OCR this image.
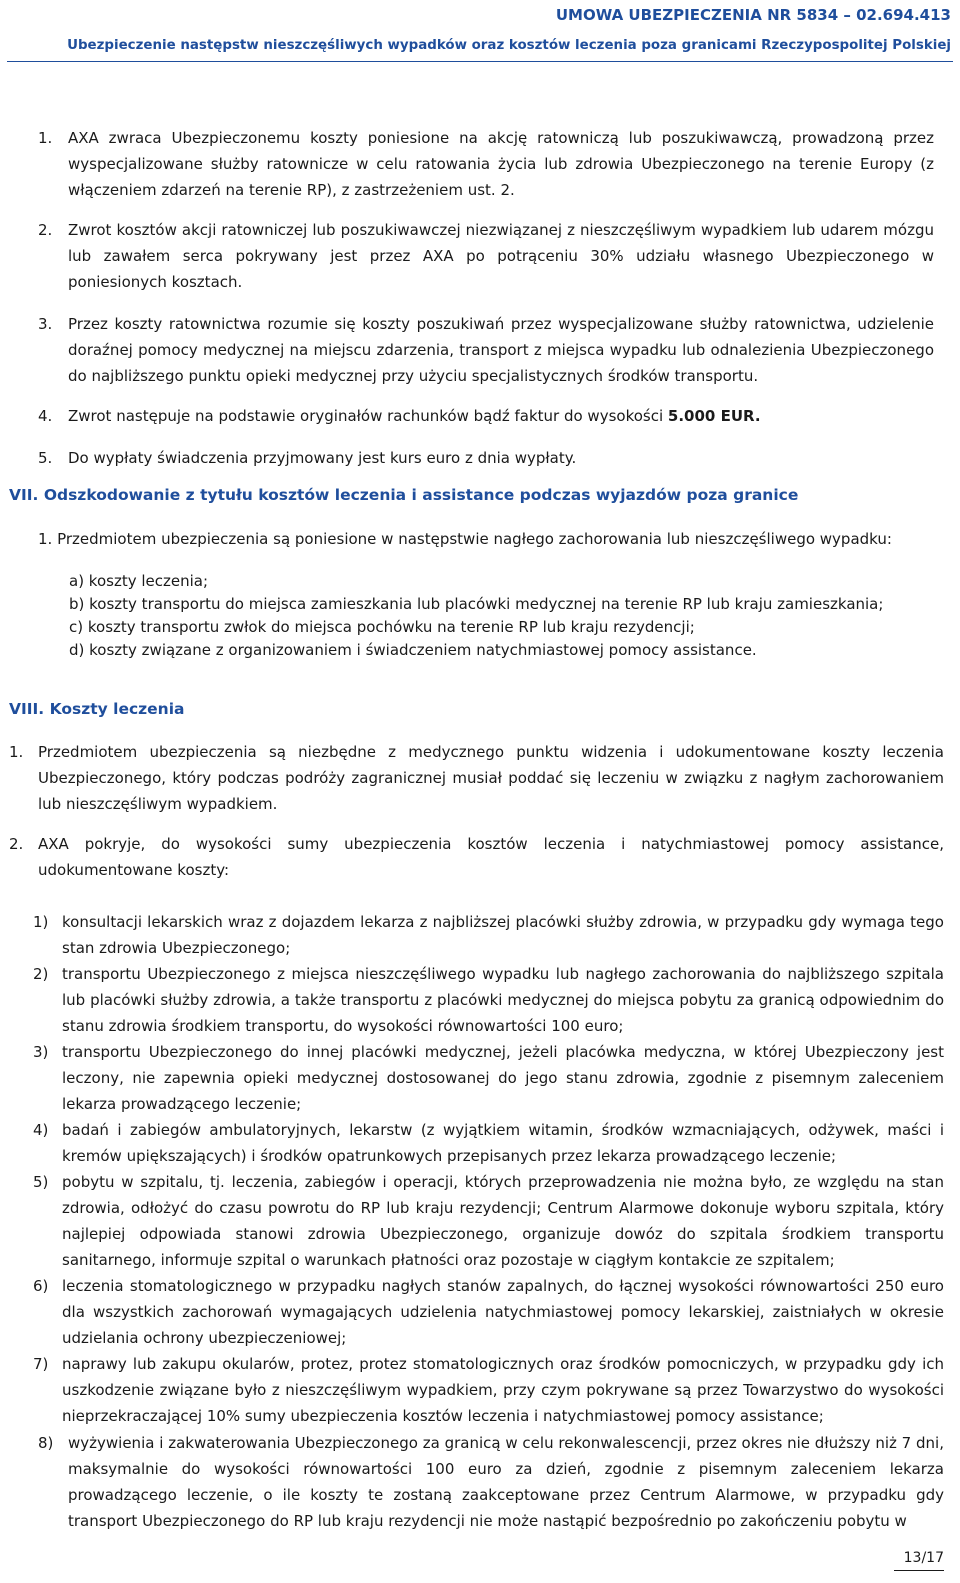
UMOWA UBEZPIECZENIA NR 5834 – 02.694.413
Ubezpieczenie następstw nieszczęśliwych wypadków oraz kosztów leczenia poza granicami Rzeczypospolitej Polskiej
1. AXA zwraca Ubezpieczonemu koszty poniesione na akcję ratowniczą lub poszukiwawczą, prowadzoną przez wyspecjalizowane służby ratownicze w celu ratowania życia lub zdrowia Ubezpieczonego na terenie Europy (z włączeniem zdarzeń na terenie RP), z zastrzeżeniem ust. 2.
2. Zwrot kosztów akcji ratowniczej lub poszukiwawczej niezwiązanej z nieszczęśliwym wypadkiem lub udarem mózgu lub zawałem serca pokrywany jest przez AXA po potrąceniu 30% udziału własnego Ubezpieczonego w poniesionych kosztach.
3. Przez koszty ratownictwa rozumie się koszty poszukiwań przez wyspecjalizowane służby ratownictwa, udzielenie doraźnej pomocy medycznej na miejscu zdarzenia, transport z miejsca wypadku lub odnalezienia Ubezpieczonego do najbliższego punktu opieki medycznej przy użyciu specjalistycznych środków transportu.
4. Zwrot następuje na podstawie oryginałów rachunków bądź faktur do wysokości 5.000 EUR.
5. Do wypłaty świadczenia przyjmowany jest kurs euro z dnia wypłaty.
VII. Odszkodowanie z tytułu kosztów leczenia i assistance podczas wyjazdów poza granice
1. Przedmiotem ubezpieczenia są poniesione w następstwie nagłego zachorowania lub nieszczęśliwego wypadku:
a) koszty leczenia;
b) koszty transportu do miejsca zamieszkania lub placówki medycznej na terenie RP lub kraju zamieszkania;
c) koszty transportu zwłok do miejsca pochówku na terenie RP lub kraju rezydencji;
d) koszty związane z organizowaniem i świadczeniem natychmiastowej pomocy assistance.
VIII. Koszty leczenia
1. Przedmiotem ubezpieczenia są niezbędne z medycznego punktu widzenia i udokumentowane koszty leczenia Ubezpieczonego, który podczas podróży zagranicznej musiał poddać się leczeniu w związku z nagłym zachorowaniem lub nieszczęśliwym wypadkiem.
2. AXA pokryje, do wysokości sumy ubezpieczenia kosztów leczenia i natychmiastowej pomocy assistance, udokumentowane koszty:
1) konsultacji lekarskich wraz z dojazdem lekarza z najbliższej placówki służby zdrowia, w przypadku gdy wymaga tego stan zdrowia Ubezpieczonego;
2) transportu Ubezpieczonego z miejsca nieszczęśliwego wypadku lub nagłego zachorowania do najbliższego szpitala lub placówki służby zdrowia, a także transportu z placówki medycznej do miejsca pobytu za granicą odpowiednim do stanu zdrowia środkiem transportu, do wysokości równowartości 100 euro;
3) transportu Ubezpieczonego do innej placówki medycznej, jeżeli placówka medyczna, w której Ubezpieczony jest leczony, nie zapewnia opieki medycznej dostosowanej do jego stanu zdrowia, zgodnie z pisemnym zaleceniem lekarza prowadzącego leczenie;
4) badań i zabiegów ambulatoryjnych, lekarstw (z wyjątkiem witamin, środków wzmacniających, odżywek, maści i kremów upiększających) i środków opatrunkowych przepisanych przez lekarza prowadzącego leczenie;
5) pobytu w szpitalu, tj. leczenia, zabiegów i operacji, których przeprowadzenia nie można było, ze względu na stan zdrowia, odłożyć do czasu powrotu do RP lub kraju rezydencji; Centrum Alarmowe dokonuje wyboru szpitala, który najlepiej odpowiada stanowi zdrowia Ubezpieczonego, organizuje dowóz do szpitala środkiem transportu sanitarnego, informuje szpital o warunkach płatności oraz pozostaje w ciągłym kontakcie ze szpitalem;
6) leczenia stomatologicznego w przypadku nagłych stanów zapalnych, do łącznej wysokości równowartości 250 euro dla wszystkich zachorowań wymagających udzielenia natychmiastowej pomocy lekarskiej, zaistniałych w okresie udzielania ochrony ubezpieczeniowej;
7) naprawy lub zakupu okularów, protez, protez stomatologicznych oraz środków pomocniczych, w przypadku gdy ich uszkodzenie związane było z nieszczęśliwym wypadkiem, przy czym pokrywane są przez Towarzystwo do wysokości nieprzekraczającej 10% sumy ubezpieczenia kosztów leczenia i natychmiastowej pomocy assistance;
8) wyżywienia i zakwaterowania Ubezpieczonego za granicą w celu rekonwalescencji, przez okres nie dłuższy niż 7 dni, maksymalnie do wysokości równowartości 100 euro za dzień, zgodnie z pisemnym zaleceniem lekarza prowadzącego leczenie, o ile koszty te zostaną zaakceptowane przez Centrum Alarmowe, w przypadku gdy transport Ubezpieczonego do RP lub kraju rezydencji nie może nastąpić bezpośrednio po zakończeniu pobytu w
13/17
